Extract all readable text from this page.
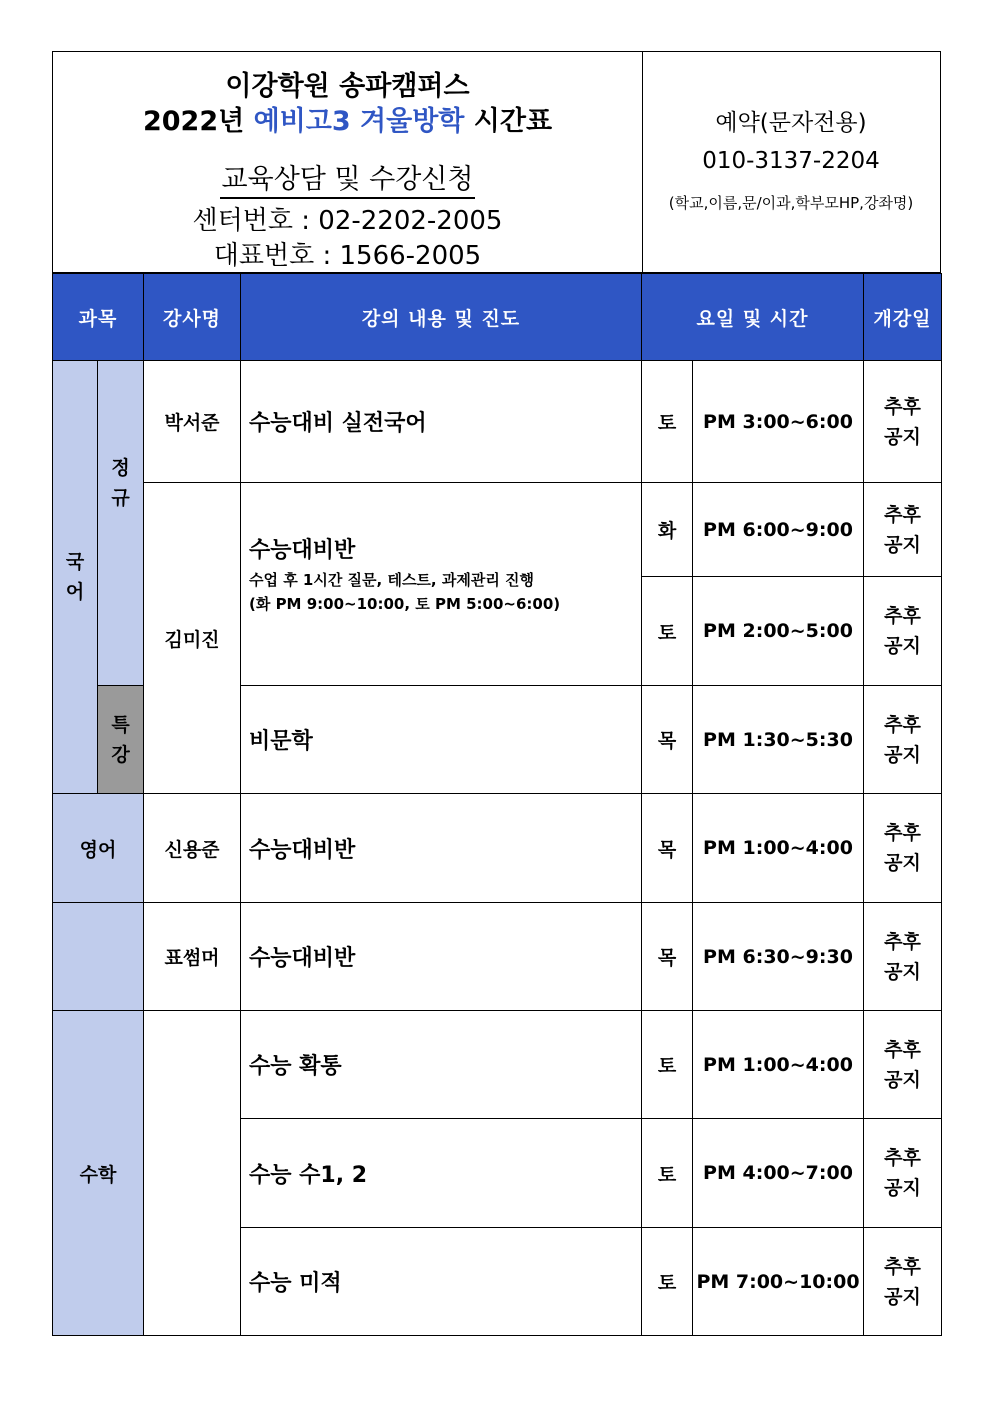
이강학원 송파캠퍼스
2022년 예비고3 겨울방학 시간표
교육상담 및 수강신청
센터번호 : 02-2202-2005
대표번호 : 1566-2005
예약(문자전용)
010-3137-2204
(학교,이름,문/이과,학부모HP,강좌명)
과목		강사명	강의 내용 및 진도	요일 및 시간		개강일
국어	정규	박서준	수능대비 실전국어	토	PM 3:00~6:00	추후 공지
		김미진	수능대비반
수업 후 1시간 질문, 테스트, 과제관리 진행
(화 PM 9:00~10:00, 토 PM 5:00~6:00)	화	PM 6:00~9:00	추후 공지
				토	PM 2:00~5:00	추후 공지
	특강		비문학	목	PM 1:30~5:30	추후 공지
영어		신용준	수능대비반	목	PM 1:00~4:00	추후 공지
		표썸머	수능대비반	목	PM 6:30~9:30	추후 공지
수학			수능 확통	토	PM 1:00~4:00	추후 공지
			수능 수1, 2	토	PM 4:00~7:00	추후 공지
			수능 미적	토	PM 7:00~10:00	추후 공지
